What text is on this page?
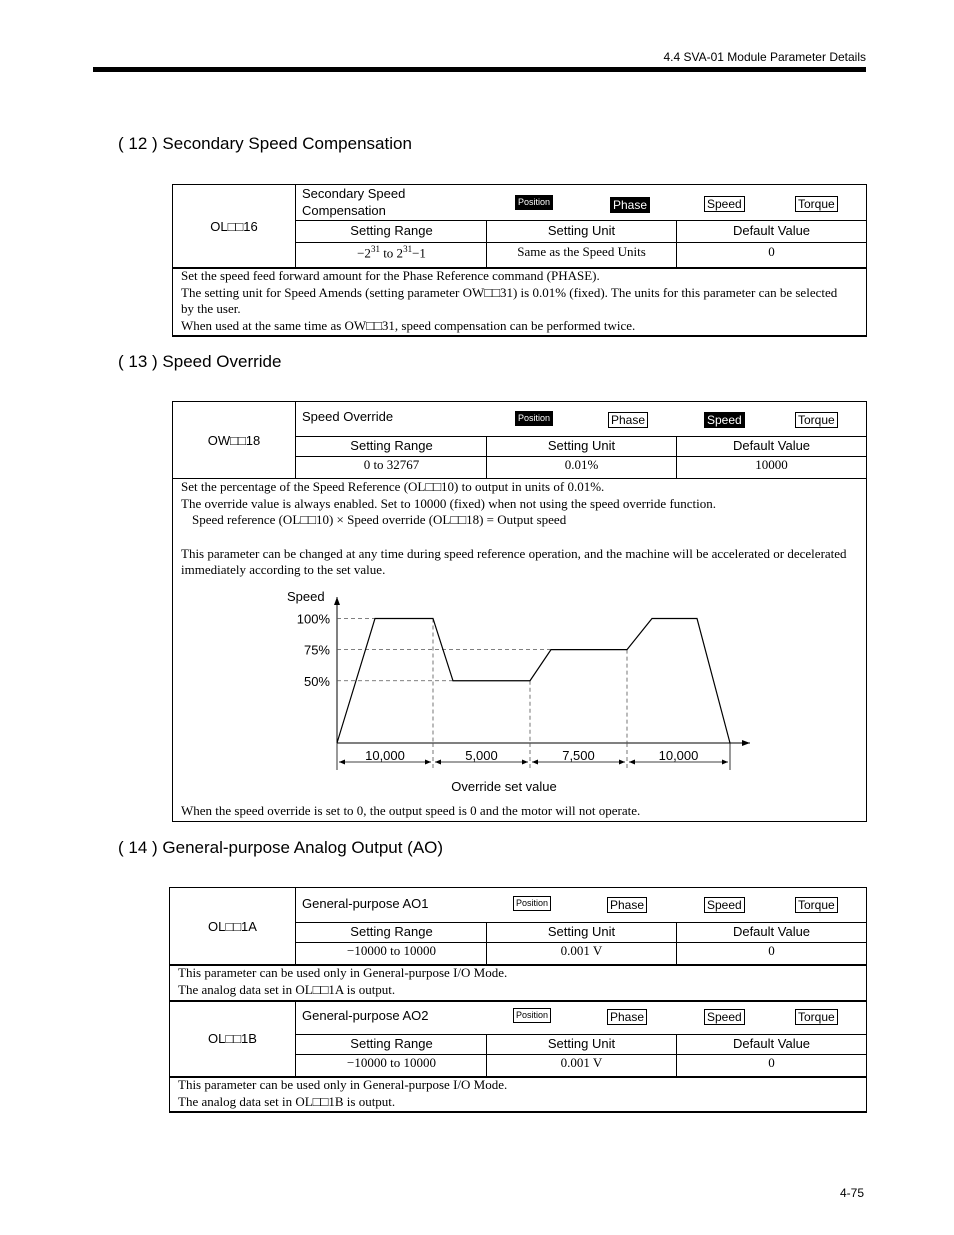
4.4 SVA-01 Module Parameter Details
( 12 ) Secondary Speed Compensation
OL□□16
Secondary Speed
Compensation
Position	Phase	Speed	Torque
Setting Range	Setting Unit	Default Value
$-2^{31}$ to $2^{31}-1$	Same as the Speed Units	0
Set the speed feed forward amount for the Phase Reference command (PHASE).
The setting unit for Speed Amends (setting parameter OW□□31) is 0.01% (fixed). The units for this parameter can be selected
by the user.
When used at the same time as OW□□31, speed compensation can be performed twice.
( 13 ) Speed Override
OW□□18
Speed Override	Position	Phase	Speed	Torque
Setting Range	Setting Unit	Default Value
0 to 32767	0.01%	10000
Set the percentage of the Speed Reference (OL□□10) to output in units of 0.01%.
The override value is always enabled. Set to 10000 (fixed) when not using the speed override function.
Speed reference (OL□□10) × Speed override (OL□□18) = Output speed
This parameter can be changed at any time during speed reference operation, and the machine will be accelerated or decelerated
immediately according to the set value.
When the speed override is set to 0, the output speed is 0 and the motor will not operate.
100%
75%
50%
10,000	5,000	7,500	10,000
Speed
Override set value
( 14 ) General-purpose Analog Output (AO)
OL□□1A
General-purpose AO1	Position	Phase	Speed	Torque
Setting Range	Setting Unit	Default Value
−10000 to 10000	0.001 V	0
This parameter can be used only in General-purpose I/O Mode.
The analog data set in OL□□1A is output.
OL□□1B
General-purpose AO2	Position	Phase	Speed	Torque
Setting Range	Setting Unit	Default Value
−10000 to 10000	0.001 V	0
This parameter can be used only in General-purpose I/O Mode.
The analog data set in OL□□1B is output.
4-75
